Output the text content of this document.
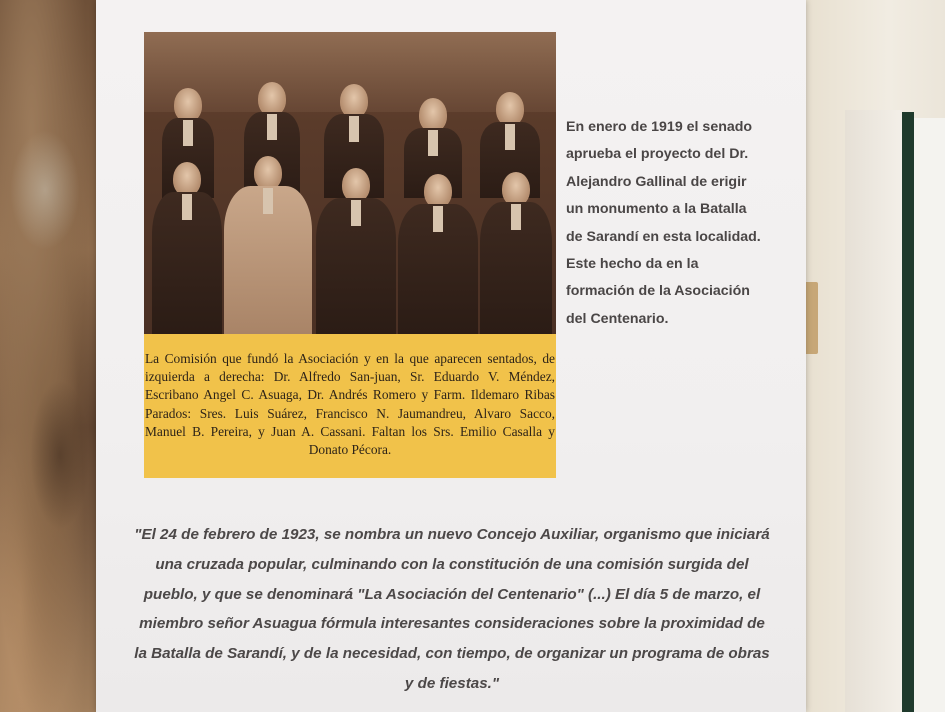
La Comisión que fundó la Asociación y en la que aparecen sentados, de izquierda a derecha: Dr. Alfredo San-juan, Sr. Eduardo V. Méndez, Escribano Angel C. Asuaga, Dr. Andrés Romero y Farm. Ildemaro Ribas Parados: Sres. Luis Suárez, Francisco N. Jaumandreu, Alvaro Sacco, Manuel B. Pereira, y Juan A. Cassani. Faltan los Srs. Emilio Casalla y Donato Pécora.
En enero de 1919 el senado aprueba el proyecto del Dr. Alejandro Gallinal de erigir un monumento a la Batalla de Sarandí en esta localidad. Este hecho da en la formación de la Asociación del Centenario.
"El 24 de febrero de 1923, se nombra un nuevo Concejo Auxiliar, organismo que iniciará una cruzada popular, culminando con la constitución de una comisión surgida del pueblo, y que se denominará "La Asociación del Centenario" (...) El día 5 de marzo, el miembro señor Asuagua fórmula interesantes consideraciones sobre la proximidad de la Batalla de Sarandí, y de la necesidad, con tiempo, de organizar un programa de obras y de fiestas."
